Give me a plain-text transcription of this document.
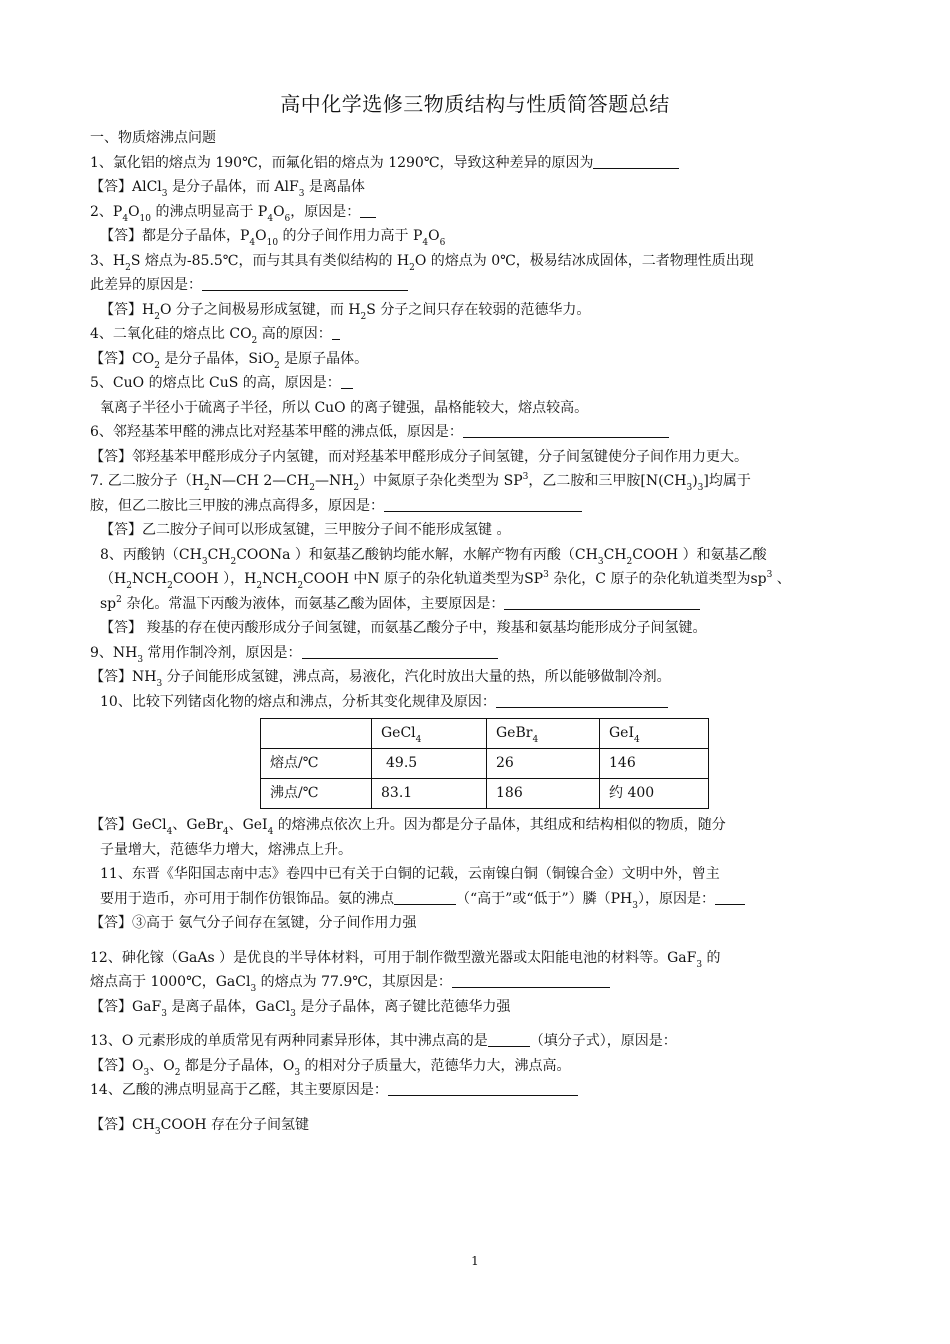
高中化学选修三物质结构与性质简答题总结
一、物质熔沸点问题
1、氯化铝的熔点为 190℃，而氟化铝的熔点为 1290℃，导致这种差异的原因为
【答】AlCl$_3$ 是分子晶体，而 AlF$_3$ 是离晶体
2、$P_4O_{10}$ 的沸点明显高于 $P_4O_6$，原因是：
【答】都是分子晶体，$P_4O_{10}$ 的分子间作用力高于 $P_4O_6$
3、$H_2S$ 熔点为-85.5℃，而与其具有类似结构的 $H_2O$ 的熔点为 0℃，极易结冰成固体，二者物理性质出现
此差异的原因是：
【答】$H_2O$ 分子之间极易形成氢键，而 $H_2S$ 分子之间只存在较弱的范德华力。
4、二氧化硅的熔点比 $CO_2$ 高的原因：
【答】$CO_2$ 是分子晶体，SiO$_2$ 是原子晶体。
5、CuO 的熔点比 CuS 的高，原因是：
氧离子半径小于硫离子半径，所以 CuO 的离子键强，晶格能较大，熔点较高。
6、邻羟基苯甲醛的沸点比对羟基苯甲醛的沸点低，原因是：
【答】邻羟基苯甲醛形成分子内氢键，而对羟基苯甲醛形成分子间氢键，分子间氢键使分子间作用力更大。
7. 乙二胺分子（$H_2N—CH$ $2—CH_2—NH_2$）中氮原子杂化类型为 $SP^3$，乙二胺和三甲胺$[N(CH_3)_3]$均属于
胺，但乙二胺比三甲胺的沸点高得多，原因是：
【答】乙二胺分子间可以形成氢键，三甲胺分子间不能形成氢键 。
8、丙酸钠（$CH_3CH_2COONa$ ）和氨基乙酸钠均能水解，水解产物有丙酸（$CH_3CH_2COOH$ ）和氨基乙酸
（$H_2NCH_2COOH$ ），$H_2NCH_2COOH$ 中N 原子的杂化轨道类型为$SP^3$ 杂化，C 原子的杂化轨道类型为$sp^3$ 、
$sp^2$ 杂化。常温下丙酸为液体，而氨基乙酸为固体，主要原因是：
【答】 羧基的存在使丙酸形成分子间氢键，而氨基乙酸分子中，羧基和氨基均能形成分子间氢键。
9、$NH_3$ 常用作制冷剂，原因是：
【答】$NH_3$ 分子间能形成氢键，沸点高，易液化，汽化时放出大量的热，所以能够做制冷剂。
10、比较下列锗卤化物的熔点和沸点，分析其变化规律及原因：
	GeCl$_4$	GeBr$_4$	GeI$_4$
熔点/℃	49.5	26	146
沸点/℃	83.1	186	约 400
【答】GeCl$_4$、GeBr$_4$、GeI$_4$ 的熔沸点依次上升。因为都是分子晶体，其组成和结构相似的物质，随分
子量增大，范德华力增大，熔沸点上升。
11、东晋《华阳国志南中志》卷四中已有关于白铜的记载，云南镍白铜（铜镍合金）文明中外，曾主
要用于造币，亦可用于制作仿银饰品。氨的沸点	（“高于”或“低于”）膦$(PH_3)$，原因是：
【答】③高于 氨气分子间存在氢键，分子间作用力强
12、砷化镓（GaAs ）是优良的半导体材料，可用于制作微型激光器或太阳能电池的材料等。GaF$_3$ 的
熔点高于 1000℃，GaCl$_3$ 的熔点为 77.9℃，其原因是：
【答】GaF$_3$ 是离子晶体，GaCl$_3$ 是分子晶体，离子键比范德华力强
13、O 元素形成的单质常见有两种同素异形体，其中沸点高的是	（填分子式），原因是：
【答】$O_3$、$O_2$ 都是分子晶体，$O_3$ 的相对分子质量大，范德华力大，沸点高。
14、乙酸的沸点明显高于乙醛，其主要原因是：
【答】$CH_3COOH$ 存在分子间氢键
1
